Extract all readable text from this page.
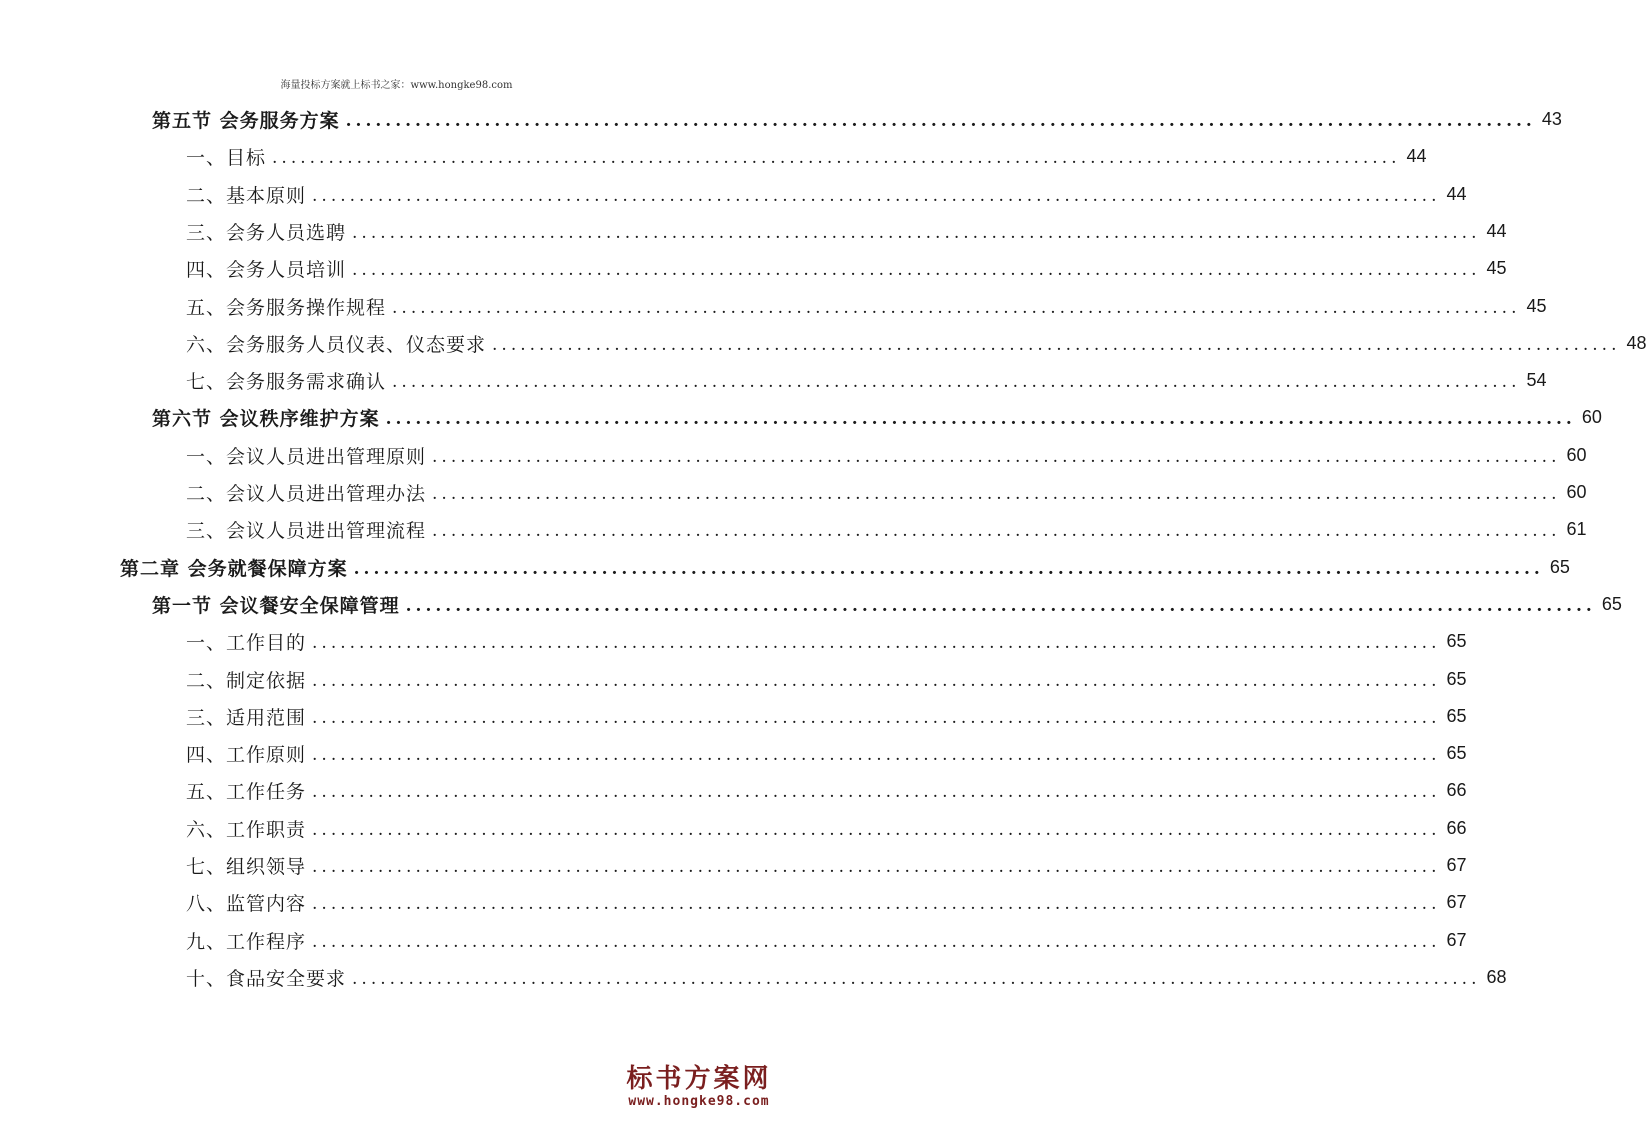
海量投标方案就上标书之家：www.hongke98.com
第五节 会务服务方案 ........................................................................................................................ 43
一、目标 ........................................................................................................................ 44
二、基本原则 ........................................................................................................................ 44
三、会务人员选聘 ........................................................................................................................ 44
四、会务人员培训 ........................................................................................................................ 45
五、会务服务操作规程 ........................................................................................................................ 45
六、会务服务人员仪表、仪态要求 ........................................................................................................................ 48
七、会务服务需求确认 ........................................................................................................................ 54
第六节 会议秩序维护方案 ........................................................................................................................ 60
一、会议人员进出管理原则 ........................................................................................................................ 60
二、会议人员进出管理办法 ........................................................................................................................ 60
三、会议人员进出管理流程 ........................................................................................................................ 61
第二章 会务就餐保障方案 ........................................................................................................................ 65
第一节 会议餐安全保障管理 ........................................................................................................................ 65
一、工作目的 ........................................................................................................................ 65
二、制定依据 ........................................................................................................................ 65
三、适用范围 ........................................................................................................................ 65
四、工作原则 ........................................................................................................................ 65
五、工作任务 ........................................................................................................................ 66
六、工作职责 ........................................................................................................................ 66
七、组织领导 ........................................................................................................................ 67
八、监管内容 ........................................................................................................................ 67
九、工作程序 ........................................................................................................................ 67
十、食品安全要求 ........................................................................................................................ 68
标书方案网
www.hongke98.com
